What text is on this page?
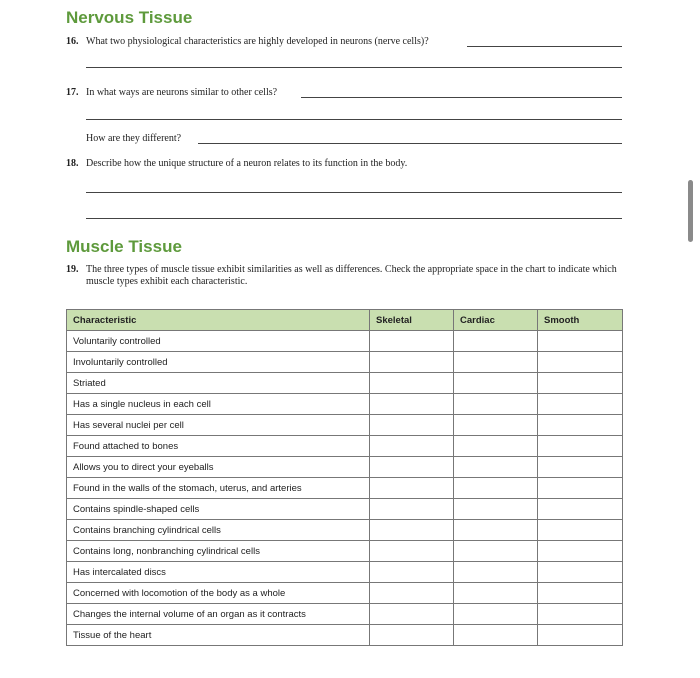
Nervous Tissue
16. What two physiological characteristics are highly developed in neurons (nerve cells)?
17. In what ways are neurons similar to other cells?
How are they different?
18. Describe how the unique structure of a neuron relates to its function in the body.
Muscle Tissue
19. The three types of muscle tissue exhibit similarities as well as differences. Check the appropriate space in the chart to indicate which muscle types exhibit each characteristic.
Characteristic	Skeletal	Cardiac	Smooth
Voluntarily controlled			
Involuntarily controlled			
Striated			
Has a single nucleus in each cell			
Has several nuclei per cell			
Found attached to bones			
Allows you to direct your eyeballs			
Found in the walls of the stomach, uterus, and arteries			
Contains spindle-shaped cells			
Contains branching cylindrical cells			
Contains long, nonbranching cylindrical cells			
Has intercalated discs			
Concerned with locomotion of the body as a whole			
Changes the internal volume of an organ as it contracts			
Tissue of the heart			
